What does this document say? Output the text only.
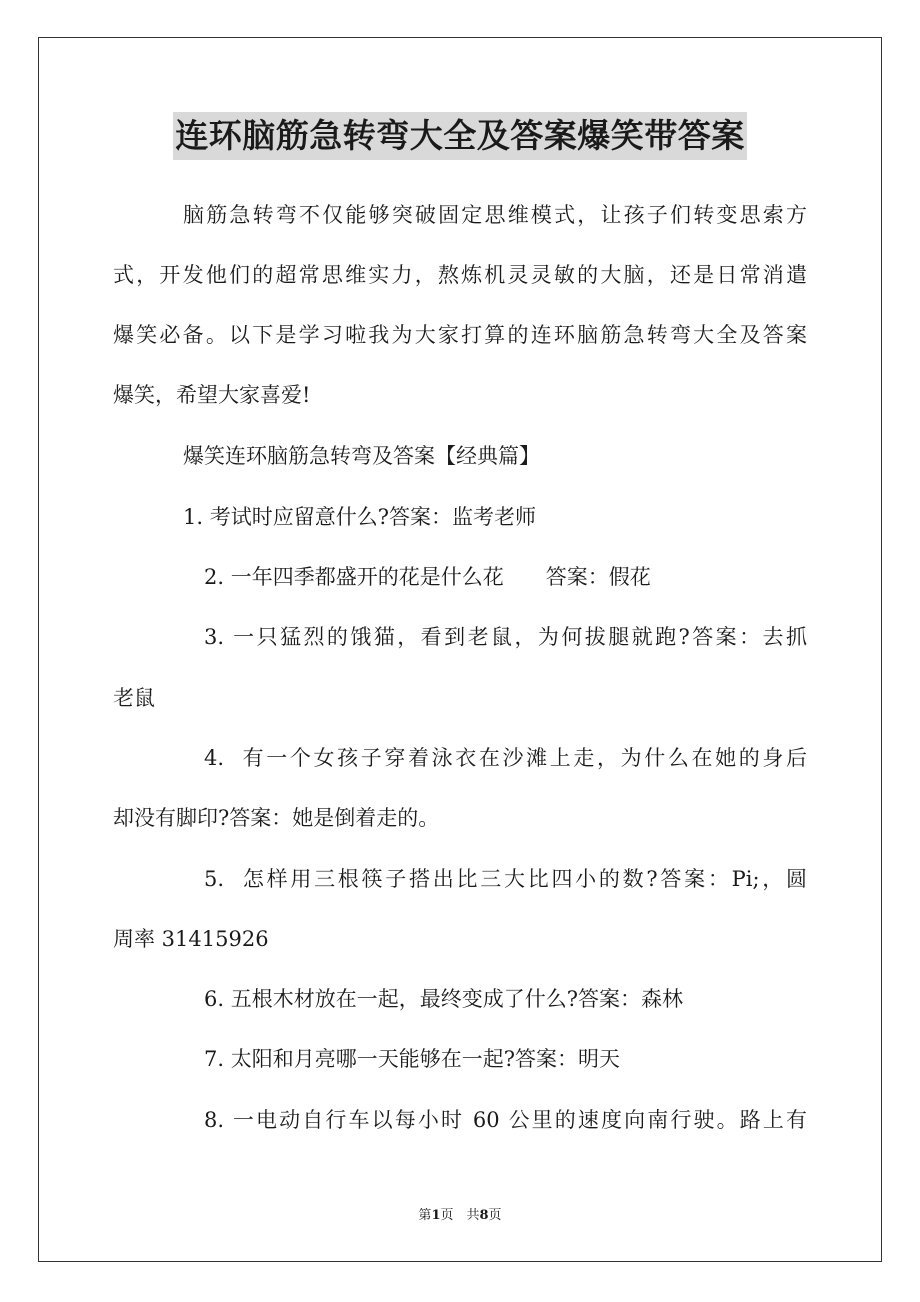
连环脑筋急转弯大全及答案爆笑带答案
脑筋急转弯不仅能够突破固定思维模式，让孩子们转变思索方
式，开发他们的超常思维实力，熬炼机灵灵敏的大脑，还是日常消遣
爆笑必备。以下是学习啦我为大家打算的连环脑筋急转弯大全及答案
爆笑，希望大家喜爱!
爆笑连环脑筋急转弯及答案【经典篇】
1. 考试时应留意什么?答案：监考老师
2. 一年四季都盛开的花是什么花　　答案：假花
3. 一只猛烈的饿猫，看到老鼠，为何拔腿就跑?答案：去抓
老鼠
4.  有一个女孩子穿着泳衣在沙滩上走，为什么在她的身后
却没有脚印?答案：她是倒着走的。
5.  怎样用三根筷子搭出比三大比四小的数?答案：Pi;，圆
周率 31415926
6. 五根木材放在一起，最终变成了什么?答案：森林
7. 太阳和月亮哪一天能够在一起?答案：明天
8. 一电动自行车以每小时 60 公里的速度向南行驶。路上有
第1页　共8页
